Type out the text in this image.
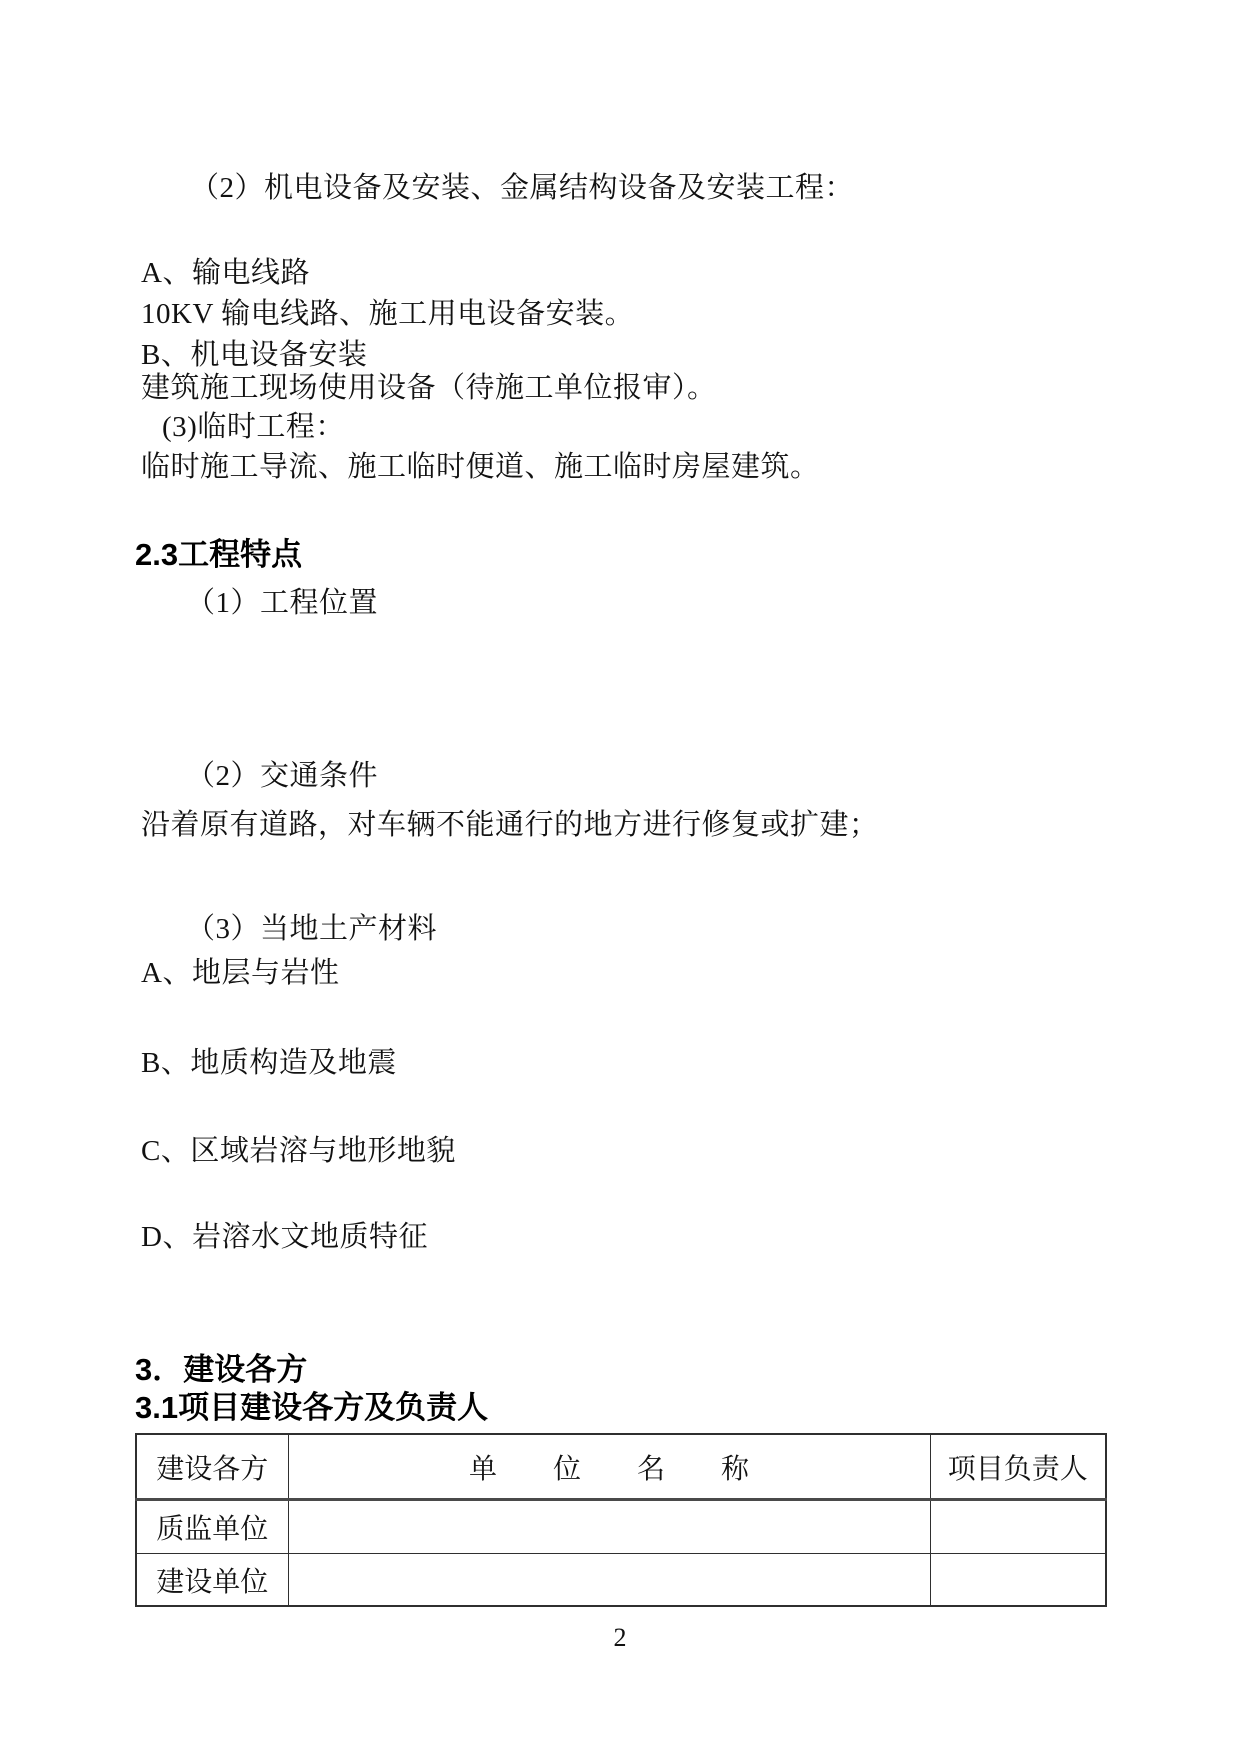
（2）机电设备及安装、金属结构设备及安装工程：

A、输电线路

10KV 输电线路、施工用电设备安装。

B、机电设备安装

建筑施工现场使用设备（待施工单位报审）。

(3)临时工程：

临时施工导流、施工临时便道、施工临时房屋建筑。

2.3工程特点

（1）工程位置

（2）交通条件

沿着原有道路，对车辆不能通行的地方进行修复或扩建；

（3）当地土产材料

A、地层与岩性

B、地质构造及地震

C、区域岩溶与地形地貌

D、岩溶水文地质特征

3．建设各方
3.1项目建设各方及负责人
建设各方	单　　位　　名　　称	项目负责人
质监单位		
建设单位		
2
